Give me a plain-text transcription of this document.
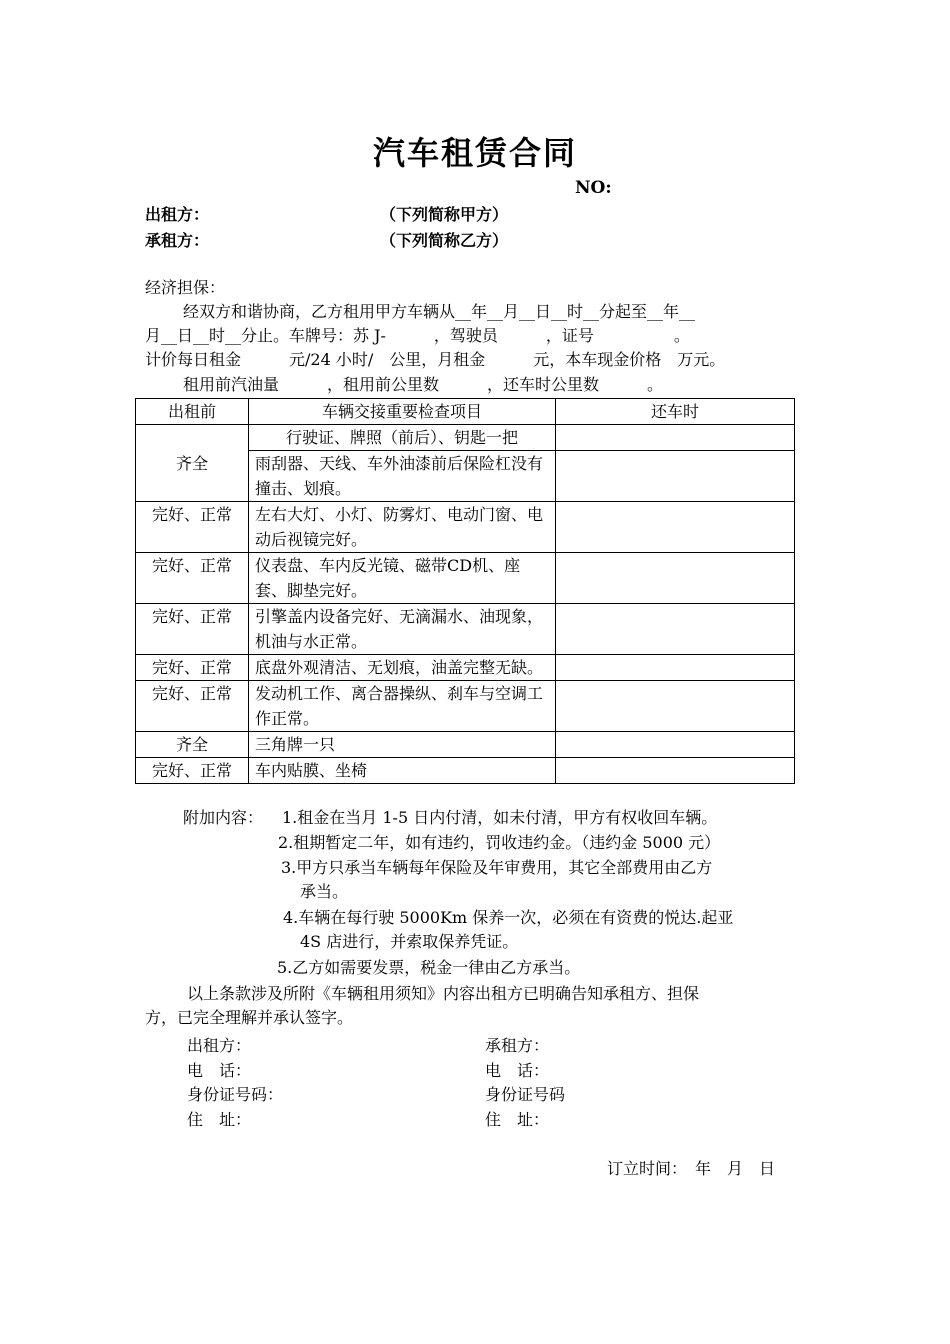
汽车租赁合同
NO:
出租方：	（下列简称甲方）
承租方：	（下列简称乙方）
经济担保：
经双方和谐协商，乙方租用甲方车辆从__年__月__日__时__分起至__年__
月__日__时__分止。车牌号：苏 J-　　　，驾驶员　　　，证号　　　　　。
计价每日租金　　　元/24 小时/　公里，月租金　　　元，本车现金价格　万元。
租用前汽油量　　　，租用前公里数　　　，还车时公里数　　　。
出租前	车辆交接重要检查项目	还车时
齐全	行驶证、牌照（前后）、钥匙一把	
	雨刮器、天线、车外油漆前后保险杠没有撞击、划痕。	
完好、正常	左右大灯、小灯、防雾灯、电动门窗、电动后视镜完好。	
完好、正常	仪表盘、车内反光镜、磁带CD机、座套、脚垫完好。	
完好、正常	引擎盖内设备完好、无滴漏水、油现象，机油与水正常。	
完好、正常	底盘外观清洁、无划痕，油盖完整无缺。	
完好、正常	发动机工作、离合器操纵、刹车与空调工作正常。	
齐全	三角牌一只	
完好、正常	车内贴膜、坐椅	
附加内容： 1.租金在当月 1-5 日内付清，如未付清，甲方有权收回车辆。
2.租期暂定二年，如有违约，罚收违约金。（违约金 5000 元）
3.甲方只承当车辆每年保险及年审费用，其它全部费用由乙方
承当。
4.车辆在每行驶 5000Km 保养一次，必须在有资费的悦达.起亚
4S 店进行，并索取保养凭证。
5.乙方如需要发票，税金一律由乙方承当。
以上条款涉及所附《车辆租用须知》内容出租方已明确告知承租方、担保
方，已完全理解并承认签字。
出租方：
电　话：
身份证号码：
住　址：
承租方：
电　话：
身份证号码
住　址：
订立时间：　年　月　日
